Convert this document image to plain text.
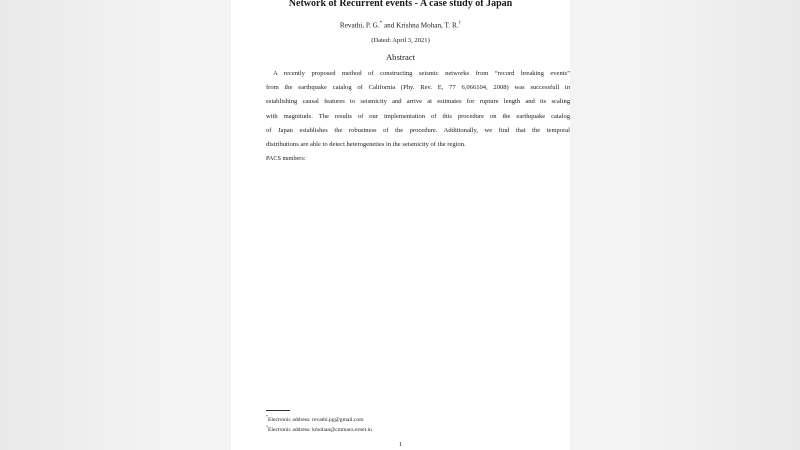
Network of Recurrent events - A case study of Japan
Revathi, P. G.* and Krishna Mohan, T. R.†
(Dated: April 3, 2021)
Abstract
A recently proposed method of constructing seismic networks from “record breaking events”
from the earthquake catalog of California (Phy. Rev. E, 77 6,066104, 2008) was successfull in
establishing causal features to seismicity and arrive at estimates for rupture length and its scaling
with magnitude. The results of our implementation of this procedure on the earthquake catalog
of Japan establishes the robustness of the procedure. Additionally, we find that the temporal
distributions are able to detect heterogeneties in the seismicity of the region.
PACS numbers:
*Electronic address: revathi.pg@gmail.com
†Electronic address: kmohan@cmmacs.ernet.in
1
